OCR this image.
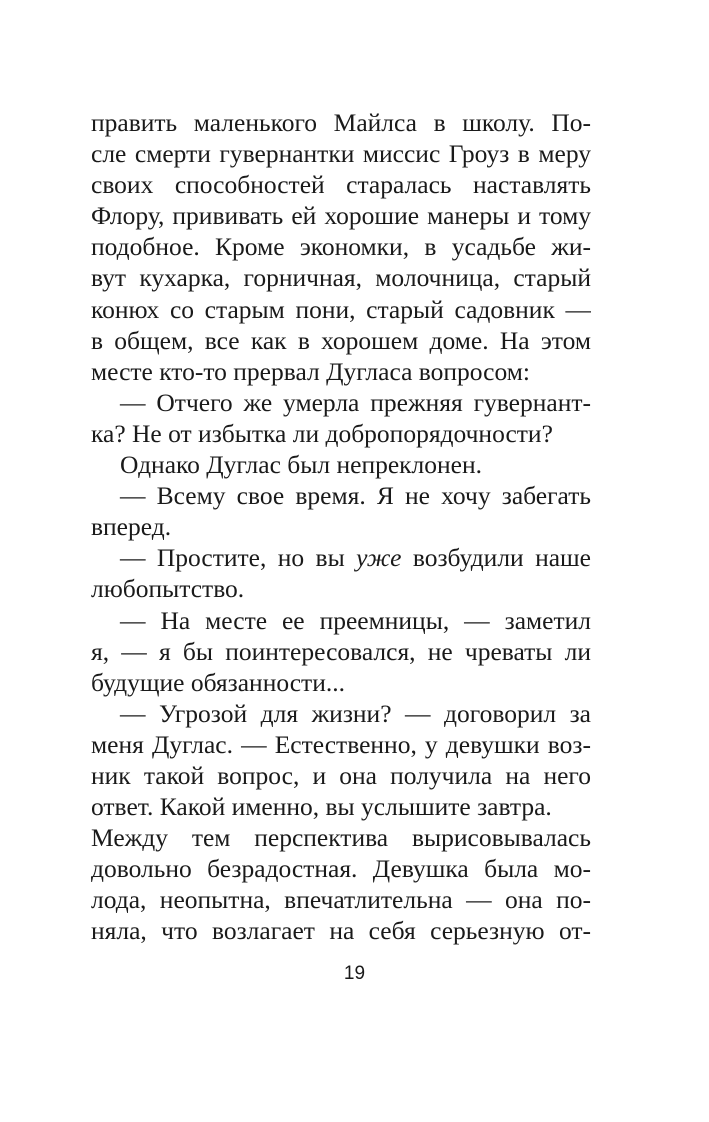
править маленького Майлса в школу. По-
сле смерти гувернантки миссис Гроуз в меру
своих способностей старалась наставлять
Флору, прививать ей хорошие манеры и тому
подобное. Кроме экономки, в усадьбе жи-
вут кухарка, горничная, молочница, старый
конюх со старым пони, старый садовник —
в общем, все как в хорошем доме. На этом
месте кто-то прервал Дугласа вопросом:
— Отчего же умерла прежняя гувернант-
ка? Не от избытка ли добропорядочности?
Однако Дуглас был непреклонен.
— Всему свое время. Я не хочу забегать
вперед.
— Простите, но вы уже возбудили наше
любопытство.
— На месте ее преемницы, — заметил
я, — я бы поинтересовался, не чреваты ли
будущие обязанности...
— Угрозой для жизни? — договорил за
меня Дуглас. — Естественно, у девушки воз-
ник такой вопрос, и она получила на него
ответ. Какой именно, вы услышите завтра.
Между тем перспектива вырисовывалась
довольно безрадостная. Девушка была мо-
лода, неопытна, впечатлительна — она по-
няла, что возлагает на себя серьезную от-
19
